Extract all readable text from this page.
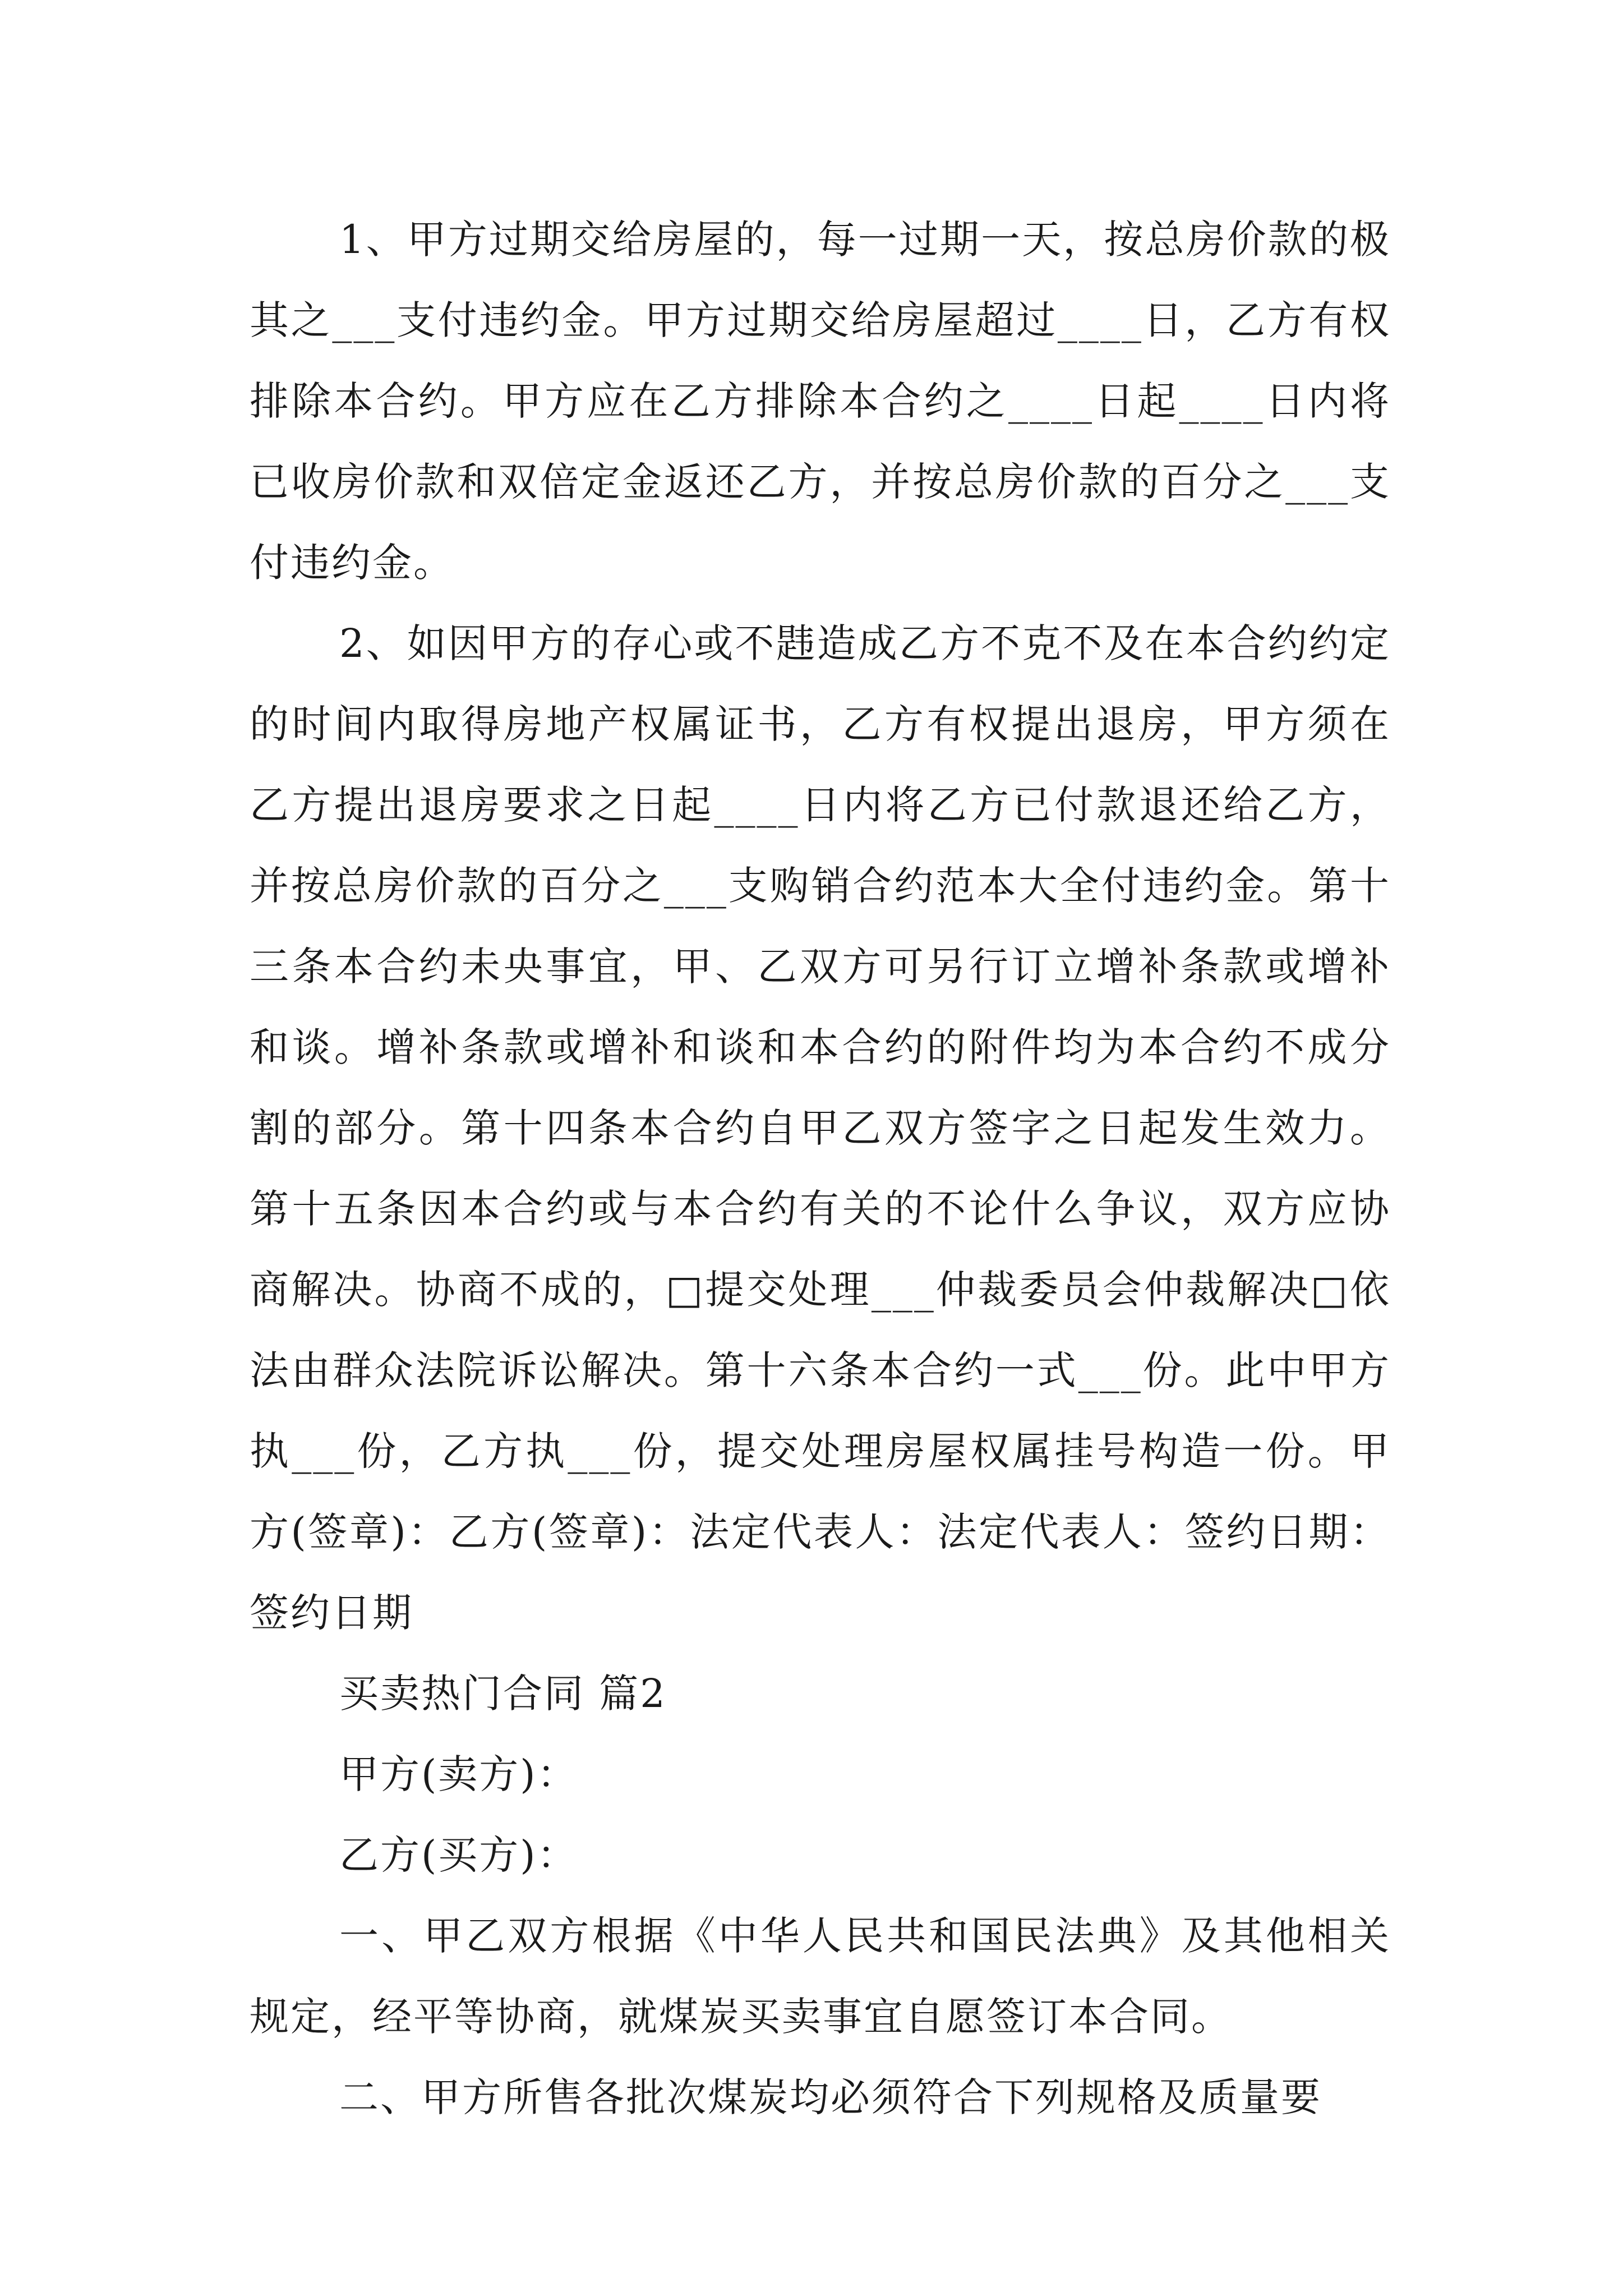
1、甲方过期交给房屋的，每一过期一天，按总房价款的极其之___支付违约金。甲方过期交给房屋超过____日，乙方有权排除本合约。甲方应在乙方排除本合约之____日起____日内将已收房价款和双倍定金返还乙方，并按总房价款的百分之___支付违约金。

2、如因甲方的存心或不韪造成乙方不克不及在本合约约定的时间内取得房地产权属证书，乙方有权提出退房，甲方须在乙方提出退房要求之日起____日内将乙方已付款退还给乙方，并按总房价款的百分之___支购销合约范本大全付违约金。第十三条本合约未央事宜，甲、乙双方可另行订立增补条款或增补和谈。增补条款或增补和谈和本合约的附件均为本合约不成分割的部分。第十四条本合约自甲乙双方签字之日起发生效力。第十五条因本合约或与本合约有关的不论什么争议，双方应协商解决。协商不成的，□提交处理___仲裁委员会仲裁解决□依法由群众法院诉讼解决。第十六条本合约一式___份。此中甲方执___份，乙方执___份，提交处理房屋权属挂号构造一份。甲方(签章)：乙方(签章)：法定代表人：法定代表人：签约日期：签约日期

买卖热门合同 篇2

甲方(卖方)：

乙方(买方)：

一、甲乙双方根据《中华人民共和国民法典》及其他相关规定，经平等协商，就煤炭买卖事宜自愿签订本合同。

二、甲方所售各批次煤炭均必须符合下列规格及质量要
